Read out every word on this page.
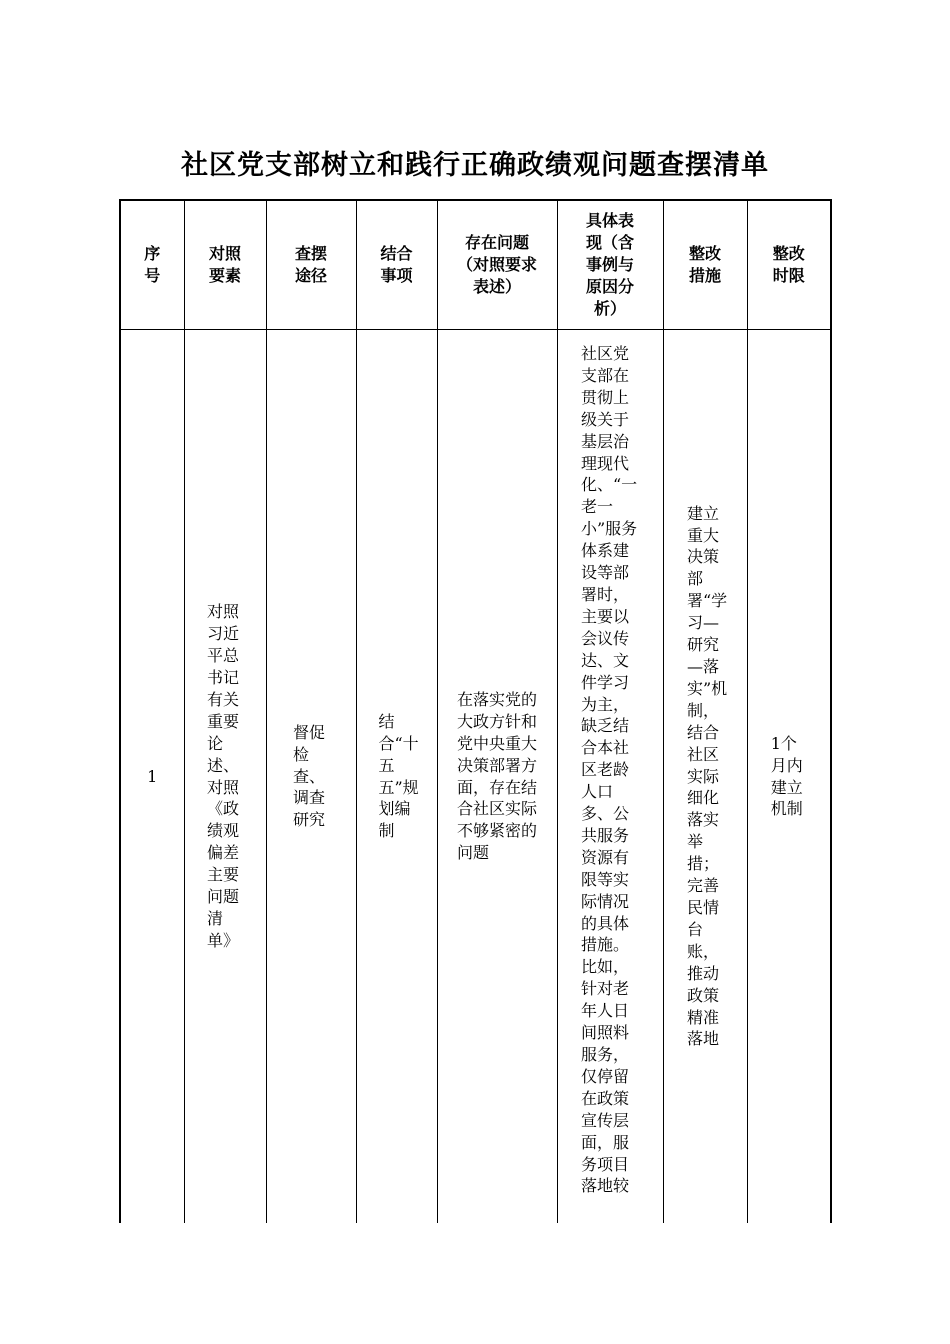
社区党支部树立和践行正确政绩观问题查摆清单
序号	对照要素	查摆途径	结合事项	存在问题（对照要求表述）	具体表现（含事例与原因分析）	整改措施	整改时限

1	对照习近平总书记有关重要论述、对照《政绩观偏差主要问题清单》	督促检查、调查研究	结合“十五五”规划编制	在落实党的大政方针和党中央重大决策部署方面，存在结合社区实际不够紧密的问题	社区党支部在贯彻上级关于基层治理现代化、“一老一小”服务体系建设等部署时，主要以会议传达、文件学习为主，缺乏结合本社区老龄人口多、公共服务资源有限等实际情况的具体措施。比如，针对老年人日间照料服务，仅停留在政策宣传层面，服务项目落地较	建立重大决策部署“学习—研究—落实”机制，结合社区实际细化落实举措；完善民情台账，推动政策精准落地	1个月内建立机制
